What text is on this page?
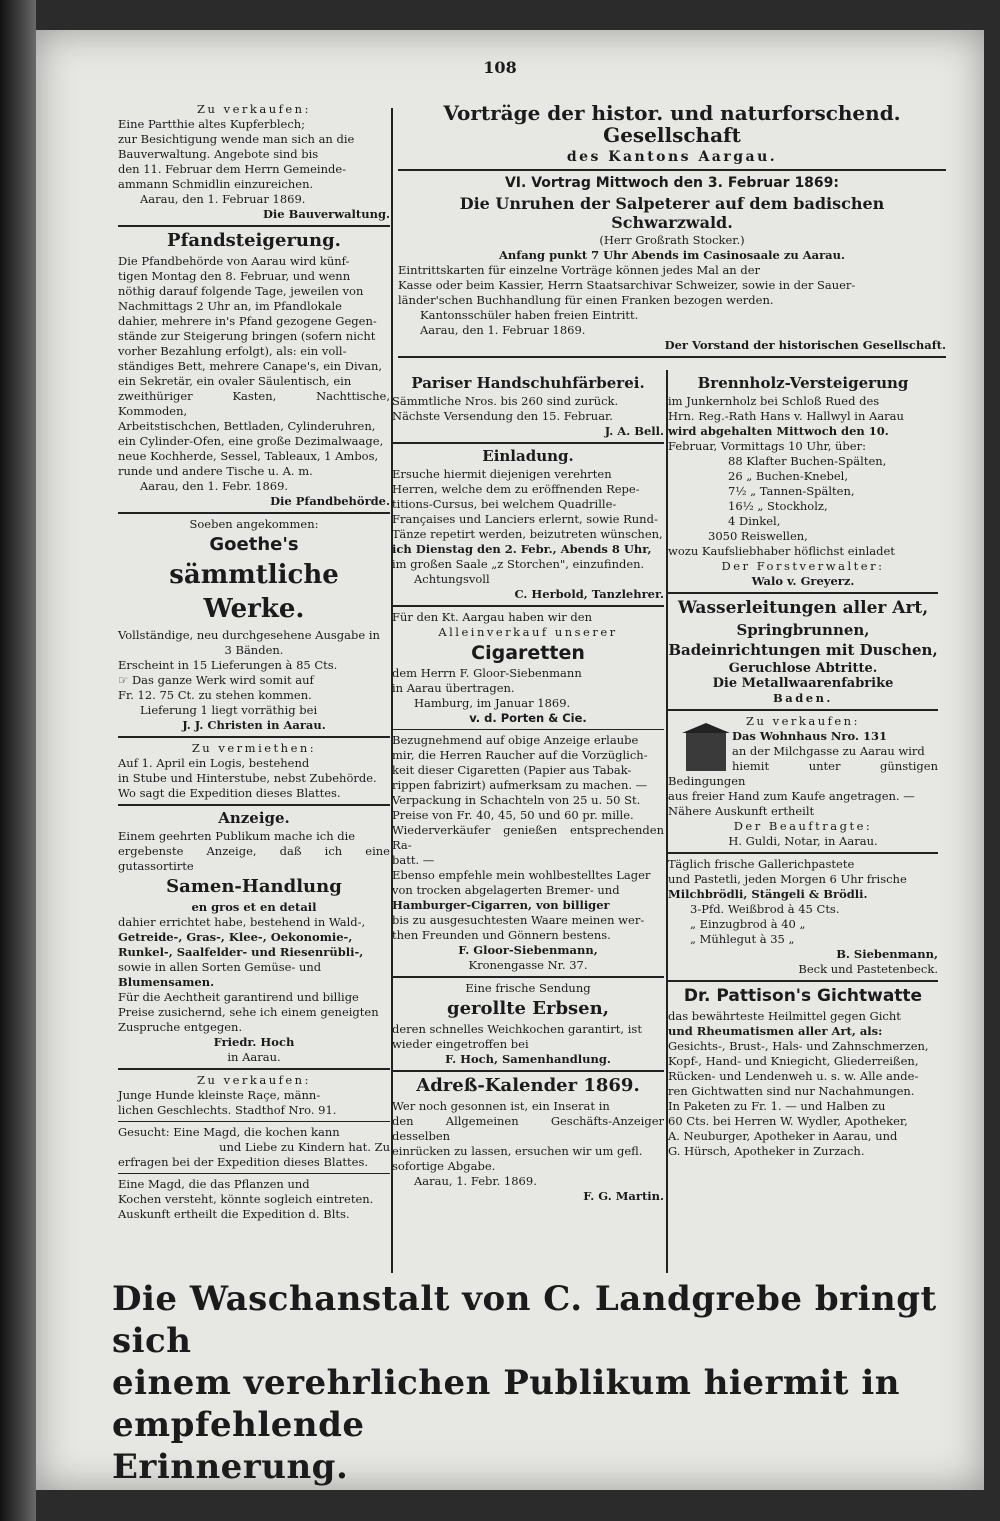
108

Zu verkaufen:

Eine Partthie altes Kupferblech;

zur Besichtigung wende man sich an die

Bauverwaltung. Angebote sind bis

den 11. Februar dem Herrn Gemeinde-

ammann Schmidlin einzureichen.

Aarau, den 1. Februar 1869.

Die Bauverwaltung.

Pfandsteigerung.

Die Pfandbehörde von Aarau wird künf-

tigen Montag den 8. Februar, und wenn

nöthig darauf folgende Tage, jeweilen von

Nachmittags 2 Uhr an, im Pfandlokale

dahier, mehrere in's Pfand gezogene Gegen-

stände zur Steigerung bringen (sofern nicht

vorher Bezahlung erfolgt), als: ein voll-

ständiges Bett, mehrere Canape's, ein Divan,

ein Sekretär, ein ovaler Säulentisch, ein

zweithüriger Kasten, Nachttische, Kommoden,

Arbeitstischchen, Bettladen, Cylinderuhren,

ein Cylinder-Ofen, eine große Dezimalwaage,

neue Kochherde, Sessel, Tableaux, 1 Ambos,

runde und andere Tische u. A. m.

Aarau, den 1. Febr. 1869.

Die Pfandbehörde.

Soeben angekommen:

Goethe's

sämmtliche Werke.

Vollständige, neu durchgesehene Ausgabe in

3 Bänden.

Erscheint in 15 Lieferungen à 85 Cts.

☞ Das ganze Werk wird somit auf

Fr. 12. 75 Ct. zu stehen kommen.

Lieferung 1 liegt vorräthig bei

J. J. Christen in Aarau.

Zu vermiethen:

Auf 1. April ein Logis, bestehend

in Stube und Hinterstube, nebst Zubehörde.

Wo sagt die Expedition dieses Blattes.

Anzeige.

Einem geehrten Publikum mache ich die

ergebenste Anzeige, daß ich eine gutassortirte

Samen-Handlung

en gros et en detail

dahier errichtet habe, bestehend in Wald-,

Getreide-, Gras-, Klee-, Oekonomie-,

Runkel-, Saalfelder- und Riesenrübli-,

sowie in allen Sorten Gemüse- und

Blumensamen.

Für die Aechtheit garantirend und billige

Preise zusichernd, sehe ich einem geneigten

Zuspruche entgegen.

Friedr. Hoch

in Aarau.

Zu verkaufen:

Junge Hunde kleinste Raçe, männ-

lichen Geschlechts. Stadthof Nro. 91.

Gesucht: Eine Magd, die kochen kann

und Liebe zu Kindern hat. Zu

erfragen bei der Expedition dieses Blattes.

Eine Magd, die das Pflanzen und

Kochen versteht, könnte sogleich eintreten.

Auskunft ertheilt die Expedition d. Blts.

Vorträge der histor. und naturforschend. Gesellschaft

des Kantons Aargau.

VI. Vortrag Mittwoch den 3. Februar 1869:

Die Unruhen der Salpeterer auf dem badischen Schwarzwald.

(Herr Großrath Stocker.)

Anfang punkt 7 Uhr Abends im Casinosaale zu Aarau.

Eintrittskarten für einzelne Vorträge können jedes Mal an der

Kasse oder beim Kassier, Herrn Staatsarchivar Schweizer, sowie in der Sauer-

länder'schen Buchhandlung für einen Franken bezogen werden.

Kantonsschüler haben freien Eintritt.

Aarau, den 1. Februar 1869.

Der Vorstand der historischen Gesellschaft.

Pariser Handschuhfärberei.

Sämmtliche Nros. bis 260 sind zurück.

Nächste Versendung den 15. Februar.

J. A. Bell.

Einladung.

Ersuche hiermit diejenigen verehrten

Herren, welche dem zu eröffnenden Repe-

titions-Cursus, bei welchem Quadrille-

Françaises und Lanciers erlernt, sowie Rund-

Tänze repetirt werden, beizutreten wünschen,

ich Dienstag den 2. Febr., Abends 8 Uhr,

im großen Saale „z Storchen", einzufinden.

Achtungsvoll

C. Herbold, Tanzlehrer.

Für den Kt. Aargau haben wir den

Alleinverkauf unserer

Cigaretten

dem Herrn F. Gloor-Siebenmann

in Aarau übertragen.

Hamburg, im Januar 1869.

v. d. Porten & Cie.

Bezugnehmend auf obige Anzeige erlaube

mir, die Herren Raucher auf die Vorzüglich-

keit dieser Cigaretten (Papier aus Tabak-

rippen fabrizirt) aufmerksam zu machen. —

Verpackung in Schachteln von 25 u. 50 St.

Preise von Fr. 40, 45, 50 und 60 pr. mille.

Wiederverkäufer genießen entsprechenden Ra-

batt. —

Ebenso empfehle mein wohlbestelltes Lager

von trocken abgelagerten Bremer- und

Hamburger-Cigarren, von billiger

bis zu ausgesuchtesten Waare meinen wer-

then Freunden und Gönnern bestens.

F. Gloor-Siebenmann,

Kronengasse Nr. 37.

Eine frische Sendung

gerollte Erbsen,

deren schnelles Weichkochen garantirt, ist

wieder eingetroffen bei

F. Hoch, Samenhandlung.

Adreß-Kalender 1869.

Wer noch gesonnen ist, ein Inserat in

den Allgemeinen Geschäfts-Anzeiger desselben

einrücken zu lassen, ersuchen wir um gefl.

sofortige Abgabe.

Aarau, 1. Febr. 1869.

F. G. Martin.

Brennholz-Versteigerung

im Junkernholz bei Schloß Rued des

Hrn. Reg.-Rath Hans v. Hallwyl in Aarau

wird abgehalten Mittwoch den 10.

Februar, Vormittags 10 Uhr, über:

88 Klafter Buchen-Spälten,

26 „ Buchen-Knebel,

7½ „ Tannen-Spälten,

16½ „ Stockholz,

4 Dinkel,

3050 Reiswellen,

wozu Kaufsliebhaber höflichst einladet

Der Forstverwalter:

Walo v. Greyerz.

Wasserleitungen aller Art,

Springbrunnen,

Badeinrichtungen mit Duschen,

Geruchlose Abtritte.

Die Metallwaarenfabrike

Baden.

Zu verkaufen:

Das Wohnhaus Nro. 131

an der Milchgasse zu Aarau wird

hiemit unter günstigen Bedingungen

aus freier Hand zum Kaufe angetragen. —

Nähere Auskunft ertheilt

Der Beauftragte:

H. Guldi, Notar, in Aarau.

Täglich frische Gallerichpastete

und Pastetli, jeden Morgen 6 Uhr frische

Milchbrödli, Stängeli & Brödli.

3-Pfd. Weißbrod à 45 Cts.

„ Einzugbrod à 40 „

„ Mühlegut à 35 „

B. Siebenmann,

Beck und Pastetenbeck.

Dr. Pattison's Gichtwatte

das bewährteste Heilmittel gegen Gicht

und Rheumatismen aller Art, als:

Gesichts-, Brust-, Hals- und Zahnschmerzen,

Kopf-, Hand- und Kniegicht, Gliederreißen,

Rücken- und Lendenweh u. s. w. Alle ande-

ren Gichtwatten sind nur Nachahmungen.

In Paketen zu Fr. 1. — und Halben zu

60 Cts. bei Herren W. Wydler, Apotheker,

A. Neuburger, Apotheker in Aarau, und

G. Hürsch, Apotheker in Zurzach.

Die Waschanstalt von C. Landgrebe bringt sich
einem verehrlichen Publikum hiermit in empfehlende
Erinnerung.
